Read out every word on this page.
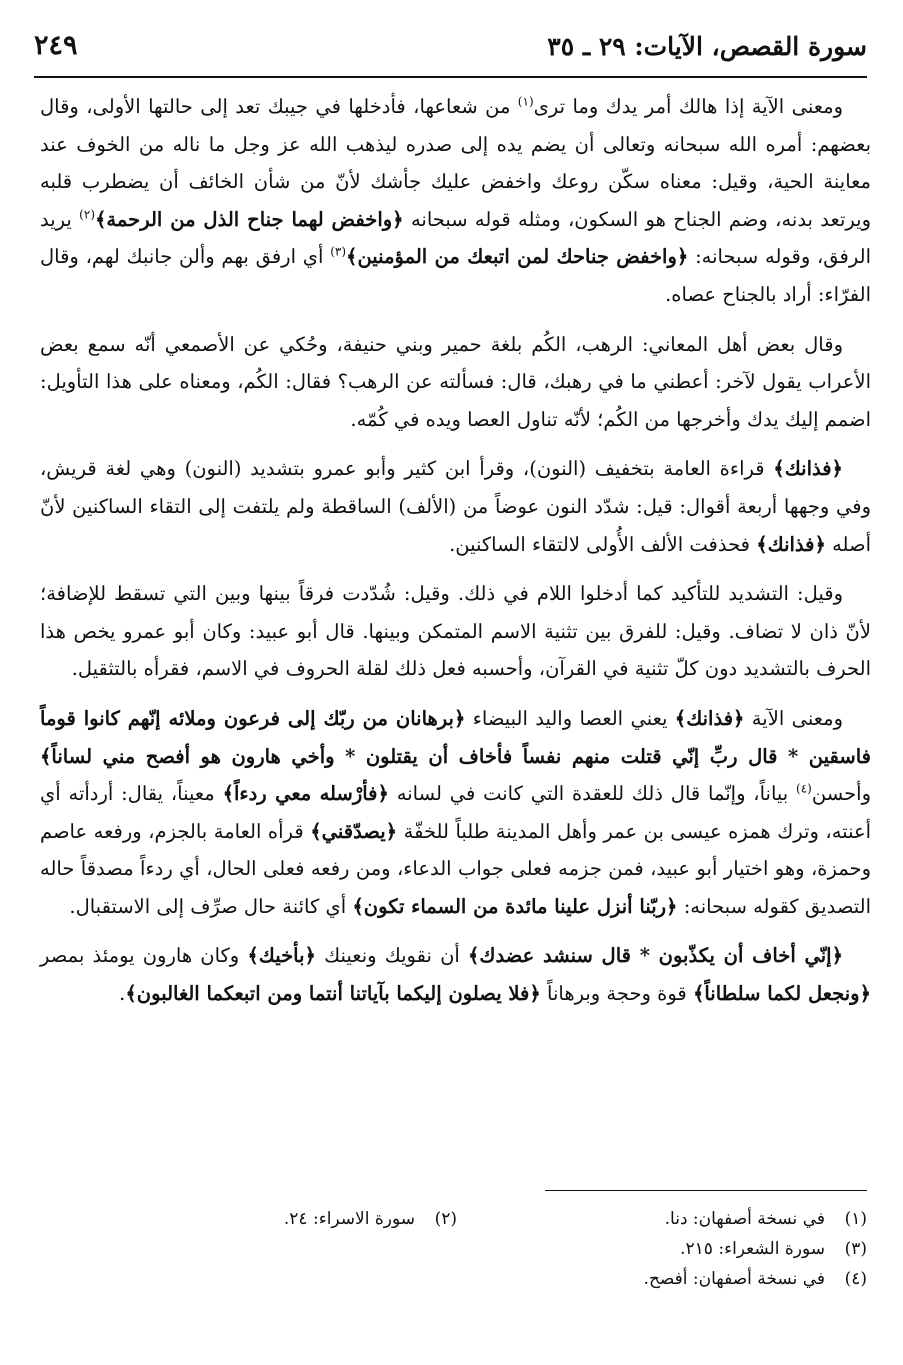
سورة القصص، الآيات: ٢٩ ـ ٣٥
٢٤٩

ومعنى الآية إذا هالك أمر يدك وما ترى$^{(١)}$ من شعاعها، فأدخلها في جيبك تعد إلى حالتها الأولى، وقال بعضهم: أمره الله سبحانه وتعالى أن يضم يده إلى صدره ليذهب الله عز وجل ما ناله من الخوف عند معاينة الحية، وقيل: معناه سكّن روعك واخفض عليك جأشك لأنّ من شأن الخائف أن يضطرب قلبه ويرتعد بدنه، وضم الجناح هو السكون، ومثله قوله سبحانه ﴿واخفض لهما جناح الذل من الرحمة﴾$^{(٢)}$ يريد الرفق، وقوله سبحانه: ﴿واخفض جناحك لمن اتبعك من المؤمنين﴾$^{(٣)}$ أي ارفق بهم وألن جانبك لهم، وقال الفرّاء: أراد بالجناح عصاه.

وقال بعض أهل المعاني: الرهب، الكُم بلغة حمير وبني حنيفة، وحُكي عن الأصمعي أنّه سمع بعض الأعراب يقول لآخر: أعطني ما في رهبك، قال: فسألته عن الرهب؟ فقال: الكُم، ومعناه على هذا التأويل: اضمم إليك يدك وأخرجها من الكُم؛ لأنّه تناول العصا ويده في كُمّه.

﴿فذانك﴾ قراءة العامة بتخفيف (النون)، وقرأ ابن كثير وأبو عمرو بتشديد (النون) وهي لغة قريش، وفي وجهها أربعة أقوال: قيل: شدّد النون عوضاً من (الألف) الساقطة ولم يلتفت إلى التقاء الساكنين لأنّ أصله ﴿فذانك﴾ فحذفت الألف الأُولى لالتقاء الساكنين.

وقيل: التشديد للتأكيد كما أدخلوا اللام في ذلك. وقيل: شُدّدت فرقاً بينها وبين التي تسقط للإضافة؛ لأنّ ذان لا تضاف. وقيل: للفرق بين تثنية الاسم المتمكن وبينها. قال أبو عبيد: وكان أبو عمرو يخص هذا الحرف بالتشديد دون كلّ تثنية في القرآن، وأحسبه فعل ذلك لقلة الحروف في الاسم، فقرأه بالتثقيل.

ومعنى الآية ﴿فذانك﴾ يعني العصا واليد البيضاء ﴿برهانان من ربّك إلى فرعون وملائه إنّهم كانوا قوماً فاسقين * قال ربِّ إنّي قتلت منهم نفساً فأخاف أن يقتلون * وأخي هارون هو أفصح مني لساناً﴾ وأحسن$^{(٤)}$ بياناً، وإنّما قال ذلك للعقدة التي كانت في لسانه ﴿فأرْسله معي ردءاً﴾ معيناً، يقال: أردأته أي أعنته، وترك همزه عيسى بن عمر وأهل المدينة طلباً للخفّة ﴿يصدّقني﴾ قرأه العامة بالجزم، ورفعه عاصم وحمزة، وهو اختيار أبو عبيد، فمن جزمه فعلى جواب الدعاء، ومن رفعه فعلى الحال، أي ردءاً مصدقاً حاله التصديق كقوله سبحانه: ﴿ربّنا أنزل علينا مائدة من السماء تكون﴾ أي كائنة حال صرِّف إلى الاستقبال.

﴿إنّي أخاف أن يكذّبون * قال سنشد عضدك﴾ أن نقويك ونعينك ﴿بأخيك﴾ وكان هارون يومئذ بمصر ﴿ونجعل لكما سلطاناً﴾ قوة وحجة وبرهاناً ﴿فلا يصلون إليكما بآياتنا أنتما ومن اتبعكما الغالبون﴾.

(١)في نسخة أصفهان: دنا.
(٢)سورة الاسراء: ٢٤.
(٣)سورة الشعراء: ٢١٥.
(٤)في نسخة أصفهان: أفصح.
